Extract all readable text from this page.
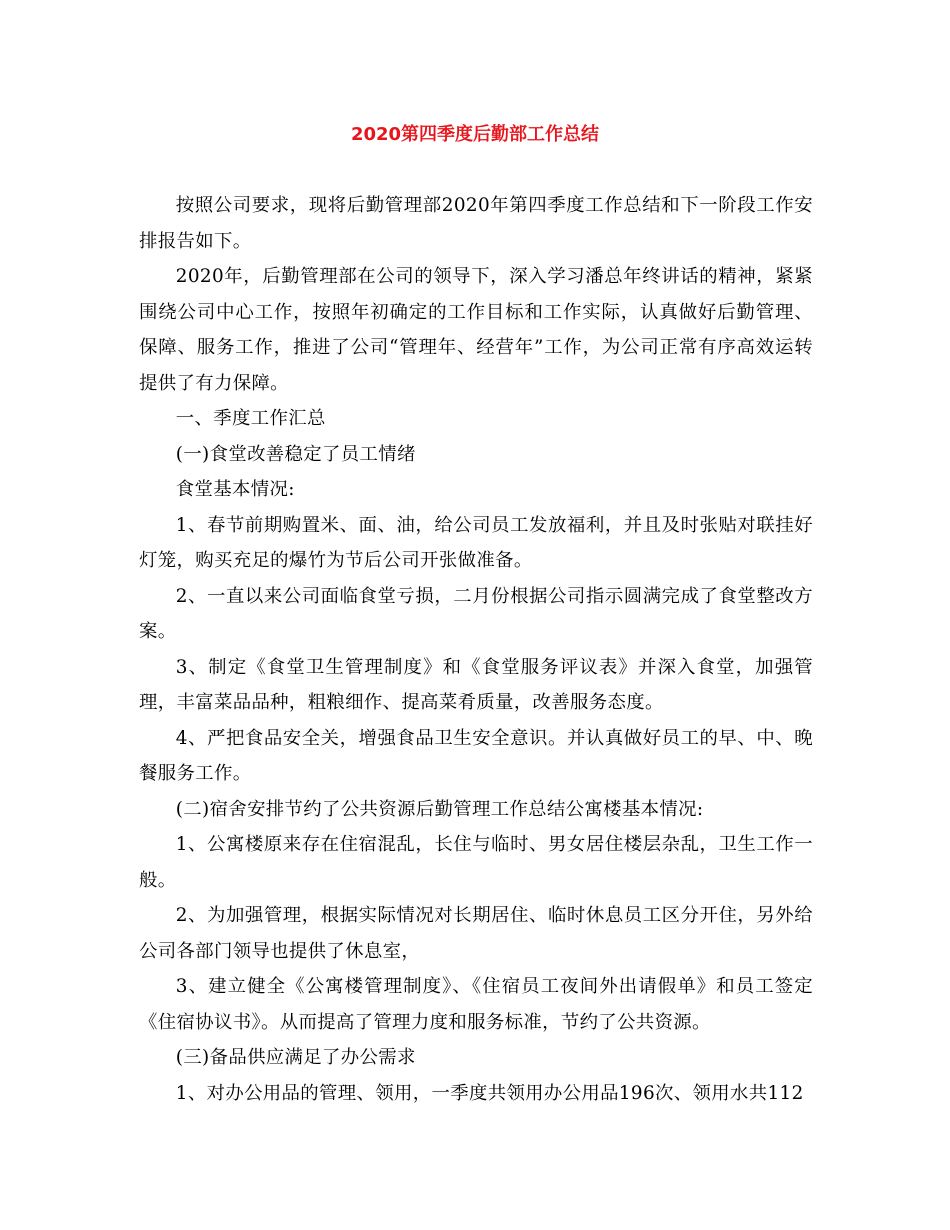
2020第四季度后勤部工作总结

按照公司要求，现将后勤管理部2020年第四季度工作总结和下一阶段工作安排报告如下。

2020年，后勤管理部在公司的领导下，深入学习潘总年终讲话的精神，紧紧围绕公司中心工作，按照年初确定的工作目标和工作实际，认真做好后勤管理、保障、服务工作，推进了公司“管理年、经营年”工作，为公司正常有序高效运转提供了有力保障。

一、季度工作汇总

(一)食堂改善稳定了员工情绪

食堂基本情况:

1、春节前期购置米、面、油，给公司员工发放福利，并且及时张贴对联挂好灯笼，购买充足的爆竹为节后公司开张做准备。

2、一直以来公司面临食堂亏损，二月份根据公司指示圆满完成了食堂整改方案。

3、制定《食堂卫生管理制度》和《食堂服务评议表》并深入食堂，加强管理，丰富菜品品种，粗粮细作、提高菜肴质量，改善服务态度。

4、严把食品安全关，增强食品卫生安全意识。并认真做好员工的早、中、晚餐服务工作。

(二)宿舍安排节约了公共资源后勤管理工作总结公寓楼基本情况:

1、公寓楼原来存在住宿混乱，长住与临时、男女居住楼层杂乱，卫生工作一般。

2、为加强管理，根据实际情况对长期居住、临时休息员工区分开住，另外给公司各部门领导也提供了休息室，

3、建立健全《公寓楼管理制度》、《住宿员工夜间外出请假单》和员工签定《住宿协议书》。从而提高了管理力度和服务标准，节约了公共资源。

(三)备品供应满足了办公需求

1、对办公用品的管理、领用，一季度共领用办公用品196次、领用水共112
